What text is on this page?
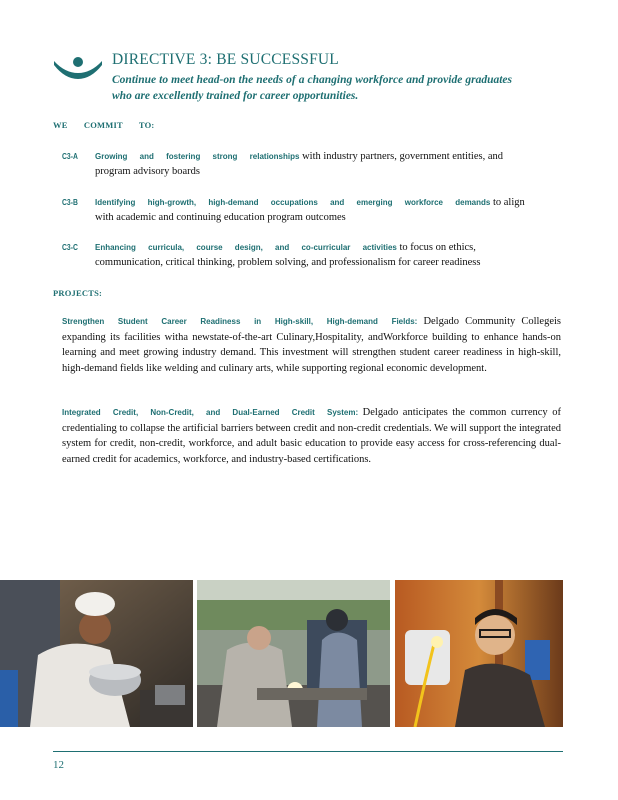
DIRECTIVE 3: BE SUCCESSFUL
Continue to meet head-on the needs of a changing workforce and provide graduates who are excellently trained for career opportunities.
WE COMMIT TO:
C3-A Growing and fostering strong relationships with industry partners, government entities, and program advisory boards
C3-B Identifying high-growth, high-demand occupations and emerging workforce demands to align with academic and continuing education program outcomes
C3-C Enhancing curricula, course design, and co-curricular activities to focus on ethics, communication, critical thinking, problem solving, and professionalism for career readiness
PROJECTS:
Strengthen Student Career Readiness in High-skill, High-demand Fields: Delgado Community Collegeis expanding its facilities witha newstate-of-the-art Culinary,Hospitality, andWorkforce building to enhance hands-on learning and meet growing industry demand. This investment will strengthen student career readiness in high-skill, high-demand fields like welding and culinary arts, while supporting regional economic development.
Integrated Credit, Non-Credit, and Dual-Earned Credit System: Delgado anticipates the common currency of credentialing to collapse the artificial barriers between credit and non-credit credentials. We will support the integrated system for credit, non-credit, workforce, and adult basic education to provide easy access for cross-referencing dual-earned credit for academics, workforce, and industry-based certifications.
12
